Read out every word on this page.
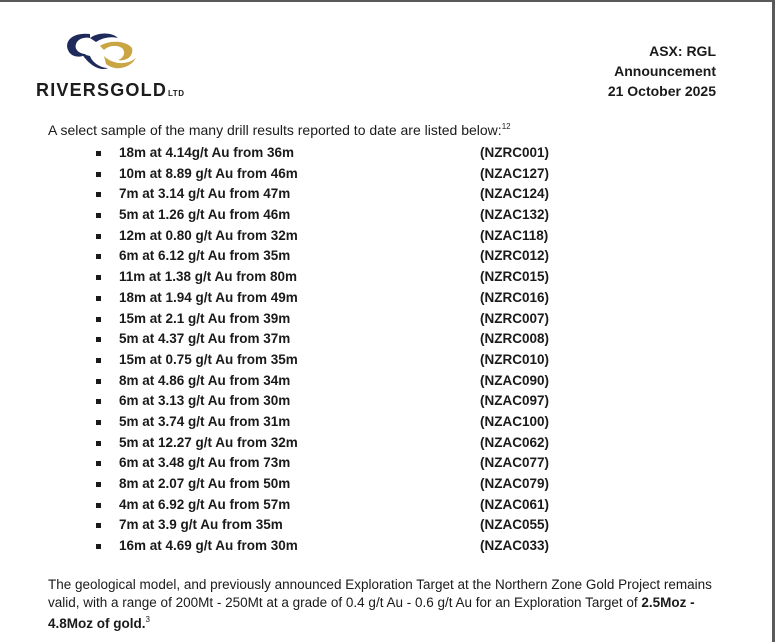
RIVERSGOLDLTD
ASX: RGL
Announcement
21 October 2025
A select sample of the many drill results reported to date are listed below:$^{12}$
18m at 4.14g/t Au from 36m	(NZRC001)
10m at 8.89 g/t Au from 46m	(NZAC127)
7m at 3.14 g/t Au from 47m	(NZAC124)
5m at 1.26 g/t Au from 46m	(NZAC132)
12m at 0.80 g/t Au from 32m	(NZAC118)
6m at 6.12 g/t Au from 35m	(NZRC012)
11m at 1.38 g/t Au from 80m	(NZRC015)
18m at 1.94 g/t Au from 49m	(NZRC016)
15m at 2.1 g/t Au from 39m	(NZRC007)
5m at 4.37 g/t Au from 37m	(NZRC008)
15m at 0.75 g/t Au from 35m	(NZRC010)
8m at 4.86 g/t Au from 34m	(NZAC090)
6m at 3.13 g/t Au from 30m	(NZAC097)
5m at 3.74 g/t Au from 31m	(NZAC100)
5m at 12.27 g/t Au from 32m	(NZAC062)
6m at 3.48 g/t Au from 73m	(NZAC077)
8m at 2.07 g/t Au from 50m	(NZAC079)
4m at 6.92 g/t Au from 57m	(NZAC061)
7m at 3.9 g/t Au from 35m	(NZAC055)
16m at 4.69 g/t Au from 30m	(NZAC033)
The geological model, and previously announced Exploration Target at the Northern Zone Gold Project remains valid, with a range of 200Mt - 250Mt at a grade of 0.4 g/t Au - 0.6 g/t Au for an Exploration Target of 2.5Moz - 4.8Moz of gold.$^3$
